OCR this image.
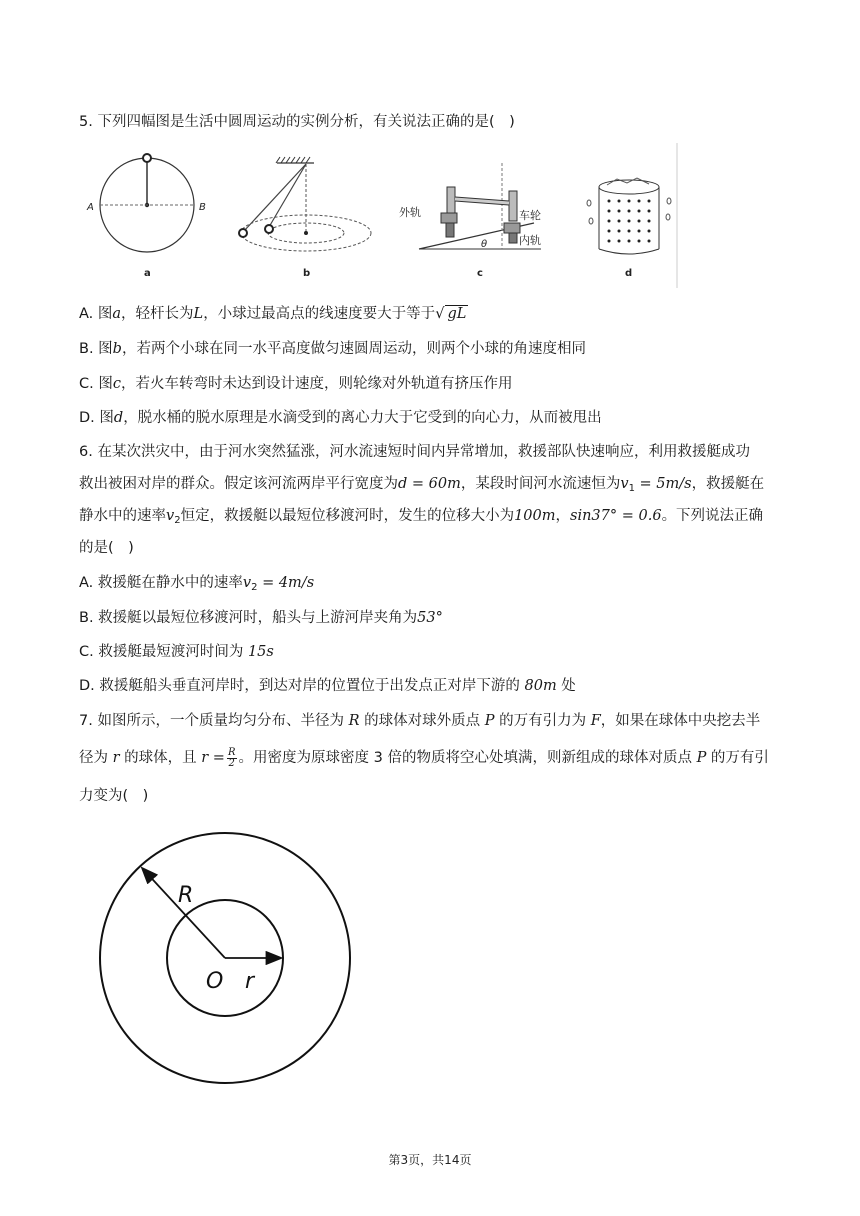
5. 下列四幅图是生活中圆周运动的实例分析，有关说法正确的是( )
A	B
a	b
外轨	车轮
内轨
θ
c	d
A. 图a，轻杆长为L，小球过最高点的线速度要大于等于√ gL
B. 图b，若两个小球在同一水平高度做匀速圆周运动，则两个小球的角速度相同
C. 图c，若火车转弯时未达到设计速度，则轮缘对外轨道有挤压作用
D. 图d，脱水桶的脱水原理是水滴受到的离心力大于它受到的向心力，从而被甩出
6. 在某次洪灾中，由于河水突然猛涨，河水流速短时间内异常增加，救援部队快速响应，利用救援艇成功
救出被困对岸的群众。假定该河流两岸平行宽度为d = 60m，某段时间河水流速恒为$v_1 = 5m/s$，救援艇在
静水中的速率$v_2$恒定，救援艇以最短位移渡河时，发生的位移大小为100m，sin37° = 0.6。下列说法正确
的是( )
A. 救援艇在静水中的速率$v_2 = 4m/s$
B. 救援艇以最短位移渡河时，船头与上游河岸夹角为53°
C. 救援艇最短渡河时间为 15s
D. 救援艇船头垂直河岸时，到达对岸的位置位于出发点正对岸下游的 80m 处
7. 如图所示，一个质量均匀分布、半径为 R 的球体对球外质点 P 的万有引力为 F，如果在球体中央挖去半
径为 r 的球体，且 $r = \frac{R}{2}$ 。用密度为原球密度 3 倍的物质将空心处填满，则新组成的球体对质点 P 的万有引
力变为( )
R
O r
第3页，共14页
